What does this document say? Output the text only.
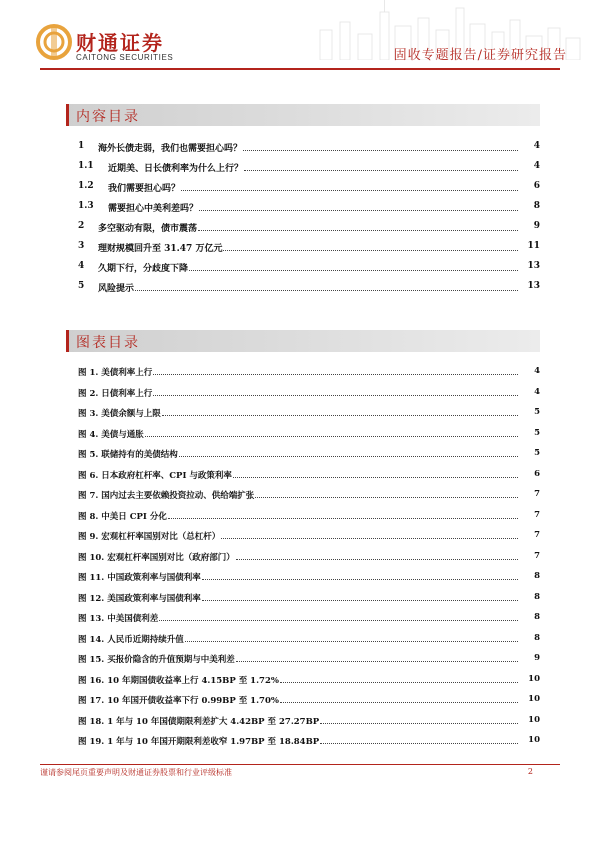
财通证券
CAITONG SECURITIES	固收专题报告/证券研究报告
内容目录
1 海外长债走弱，我们也需要担心吗？	4
1.1 近期美、日长债利率为什么上行？	4
1.2 我们需要担心吗？	6
1.3 需要担心中美利差吗？	8
2 多空驱动有限，债市震荡	9
3 理财规模回升至 31.47 万亿元	11
4 久期下行，分歧度下降	13
5 风险提示	13
图表目录
图 1. 美债利率上行	4
图 2. 日债利率上行	4
图 3. 美债余额与上限	5
图 4. 美债与通胀	5
图 5. 联储持有的美债结构	5
图 6. 日本政府杠杆率、CPI 与政策利率	6
图 7. 国内过去主要依赖投资拉动、供给端扩张	7
图 8. 中美日 CPI 分化	7
图 9. 宏观杠杆率国别对比（总杠杆）	7
图 10. 宏观杠杆率国别对比（政府部门）	7
图 11. 中国政策利率与国债利率	8
图 12. 美国政策利率与国债利率	8
图 13. 中美国债利差	8
图 14. 人民币近期持续升值	8
图 15. 买报价隐含的升值预期与中美利差	9
图 16. 10 年期国债收益率上行 4.15BP 至 1.72%	10
图 17. 10 年国开债收益率下行 0.99BP 至 1.70%	10
图 18. 1 年与 10 年国债期限利差扩大 4.42BP 至 27.27BP	10
图 19. 1 年与 10 年国开期限利差收窄 1.97BP 至 18.84BP	10
谨请参阅尾页重要声明及财通证券股票和行业评级标准	2
